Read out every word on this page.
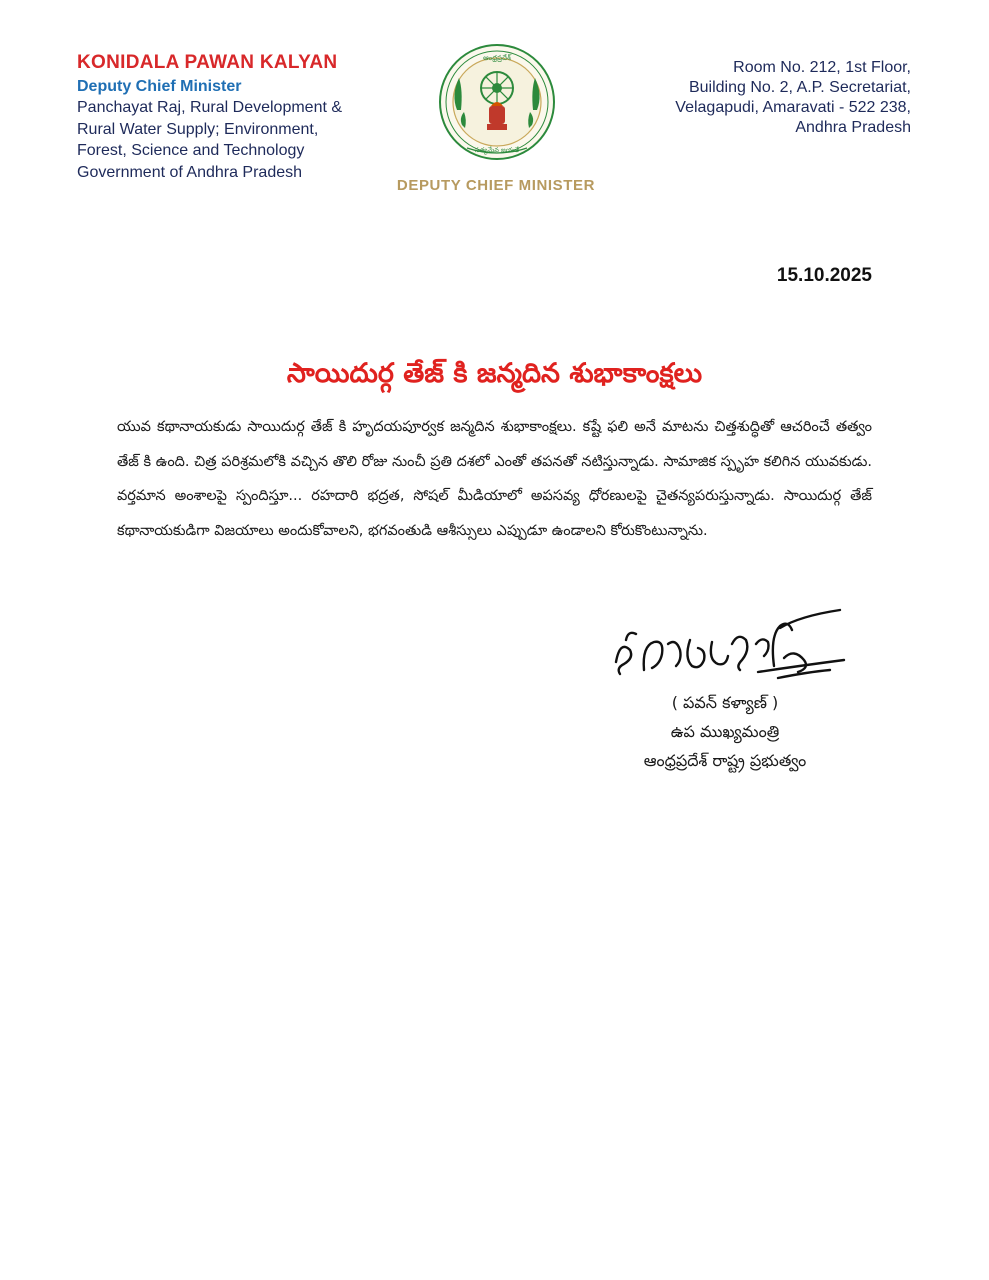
KONIDALA PAWAN KALYAN
Deputy Chief Minister
Panchayat Raj, Rural Development &
Rural Water Supply; Environment,
Forest, Science and Technology
Government of Andhra Pradesh
ఆంధ్రప్రదేశ్
సత్యమేవ జయతే
DEPUTY CHIEF MINISTER
Room No. 212, 1st Floor,
Building No. 2, A.P. Secretariat,
Velagapudi, Amaravati - 522 238,
Andhra Pradesh
15.10.2025
సాయిదుర్గ తేజ్ కి జన్మదిన శుభాకాంక్షలు
యువ కథానాయకుడు సాయిదుర్గ తేజ్ కి హృదయపూర్వక జన్మదిన శుభాకాంక్షలు. కష్టే ఫలి అనే మాటను చిత్తశుద్ధితో ఆచరించే తత్వం తేజ్ కి ఉంది. చిత్ర పరిశ్రమలోకి వచ్చిన తొలి రోజు నుంచీ ప్రతి దశలో ఎంతో తపనతో నటిస్తున్నాడు. సామాజిక స్పృహ కలిగిన యువకుడు. వర్తమాన అంశాలపై స్పందిస్తూ... రహదారి భద్రత, సోషల్ మీడియాలో అపసవ్య ధోరణులపై చైతన్యపరుస్తున్నాడు. సాయిదుర్గ తేజ్ కథానాయకుడిగా విజయాలు అందుకోవాలని, భగవంతుడి ఆశీస్సులు ఎప్పుడూ ఉండాలని కోరుకొంటున్నాను.
( పవన్ కళ్యాణ్ )
ఉప ముఖ్యమంత్రి
ఆంధ్రప్రదేశ్ రాష్ట్ర ప్రభుత్వం
